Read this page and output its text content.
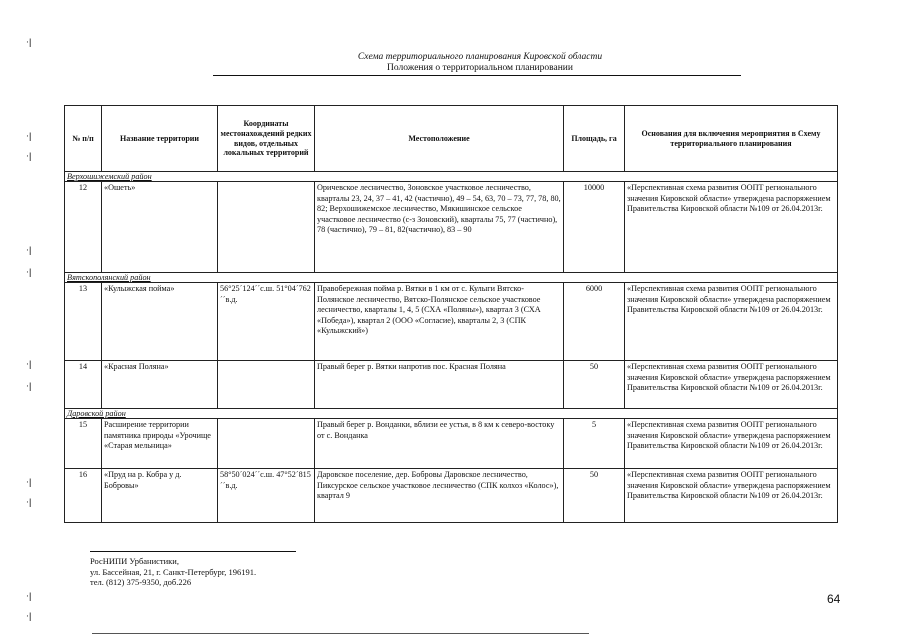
Схема территориального планирования Кировской области
Положения о территориальном планировании
·ǀ
·ǀ
·ǀ
·ǀ
·ǀ
·ǀ
·ǀ
·ǀ
·ǀ
·ǀ
·ǀ
№ п/п	Название территории	Координаты местонахождений редких видов, отдельных локальных территорий	Местоположение	Площадь, га	Основания для включения мероприятия в Схему территориального планирования
Верхошижемский район					
12	«Ошеть»		Оричевское лесничество, Зоновское участковое лесничество, кварталы 23, 24, 37 – 41, 42 (частично), 49 – 54, 63, 70 – 73, 77, 78, 80, 82; Верхошижемское лесничество, Мякишинское сельское участковое лесничество (с-з Зоновский), кварталы 75, 77 (частично), 78 (частично), 79 – 81, 82(частично), 83 – 90	10000	«Перспективная схема развития ООПТ регионального значения Кировской области» утверждена распоряжением Правительства Кировской области №109 от 26.04.2013г.
Вятскополянский район					
13	«Кулыжская пойма»	56°25´124´´с.ш. 51°04´762´´в.д.	Правобережная пойма р. Вятки в 1 км от с. Кулыги Вятско-Полянское лесничество, Вятско-Полянское сельское участковое лесничество, кварталы 1, 4, 5 (СХА «Поляны»), квартал 3 (СХА «Победа»), квартал 2 (ООО «Согласие), кварталы 2, 3 (СПК «Кулыжский»)	6000	«Перспективная схема развития ООПТ регионального значения Кировской области» утверждена распоряжением Правительства Кировской области №109 от 26.04.2013г.
14	«Красная Поляна»		Правый берег р. Вятки напротив пос. Красная Поляна	50	«Перспективная схема развития ООПТ регионального значения Кировской области» утверждена распоряжением Правительства Кировской области №109 от 26.04.2013г.
Даровской район					
15	Расширение территории памятника природы «Урочище «Старая мельница»		Правый берег р. Вонданки, вблизи ее устья, в 8 км к северо-востоку от с. Вонданка	5	«Перспективная схема развития ООПТ регионального значения Кировской области» утверждена распоряжением Правительства Кировской области №109 от 26.04.2013г.
16	«Пруд на р. Кобра у д. Бобровы»	58°50´024´´с.ш. 47°52´815´´в.д.	Даровское поселение, дер. Бобровы Даровское лесничество, Пиксурское сельское участковое лесничество (СПК колхоз «Колос»), квартал 9	50	«Перспективная схема развития ООПТ регионального значения Кировской области» утверждена распоряжением Правительства Кировской области №109 от 26.04.2013г.
РосНИПИ Урбанистики,
ул. Бассейная, 21, г. Санкт-Петербург, 196191.
тел. (812) 375-9350, доб.226
64
